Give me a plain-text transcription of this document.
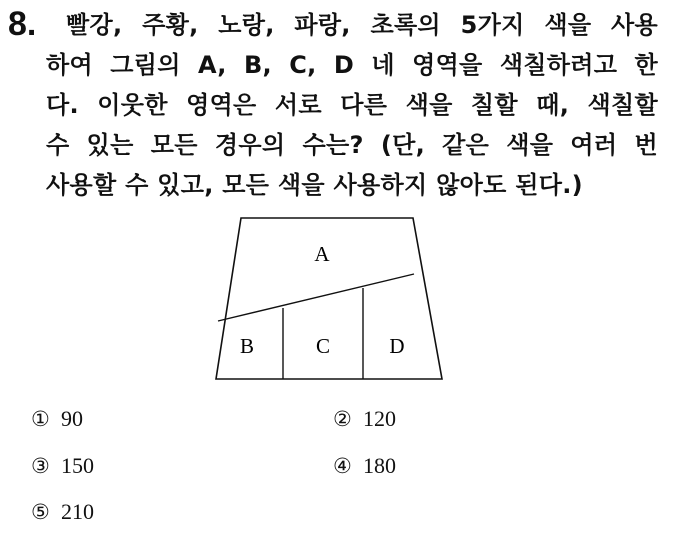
8.	빨강, 주황, 노랑, 파랑, 초록의 5가지 색을 사용
하여 그림의 A, B, C, D 네 영역을 색칠하려고 한
다. 이웃한 영역은 서로 다른 색을 칠할 때, 색칠할
수 있는 모든 경우의 수는? (단, 같은 색을 여러 번
사용할 수 있고, 모든 색을 사용하지 않아도 된다.)
A
B	C	D
① 90	② 120
③ 150	④ 180
⑤ 210
